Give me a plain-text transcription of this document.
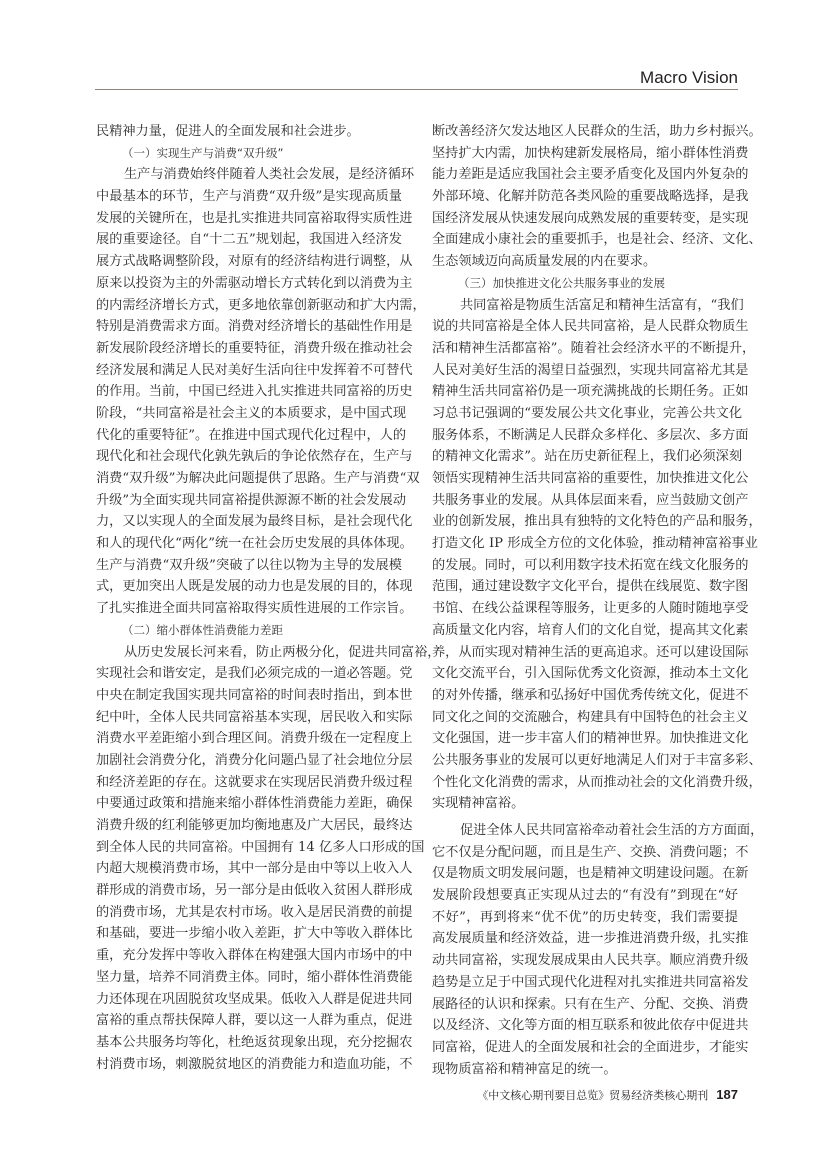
Macro Vision
民精神力量，促进人的全面发展和社会进步。
（一）实现生产与消费“双升级”
生产与消费始终伴随着人类社会发展，是经济循环
中最基本的环节，生产与消费“双升级”是实现高质量
发展的关键所在，也是扎实推进共同富裕取得实质性进
展的重要途径。自“十二五”规划起，我国进入经济发
展方式战略调整阶段，对原有的经济结构进行调整，从
原来以投资为主的外需驱动增长方式转化到以消费为主
的内需经济增长方式，更多地依靠创新驱动和扩大内需，
特别是消费需求方面。消费对经济增长的基础性作用是
新发展阶段经济增长的重要特征，消费升级在推动社会
经济发展和满足人民对美好生活向往中发挥着不可替代
的作用。当前，中国已经进入扎实推进共同富裕的历史
阶段，“共同富裕是社会主义的本质要求，是中国式现
代化的重要特征”。在推进中国式现代化过程中，人的
现代化和社会现代化孰先孰后的争论依然存在，生产与
消费“双升级”为解决此问题提供了思路。生产与消费“双
升级”为全面实现共同富裕提供源源不断的社会发展动
力，又以实现人的全面发展为最终目标，是社会现代化
和人的现代化“两化”统一在社会历史发展的具体体现。
生产与消费“双升级”突破了以往以物为主导的发展模
式，更加突出人既是发展的动力也是发展的目的，体现
了扎实推进全面共同富裕取得实质性进展的工作宗旨。
（二）缩小群体性消费能力差距
从历史发展长河来看，防止两极分化，促进共同富裕，
实现社会和谐安定，是我们必须完成的一道必答题。党
中央在制定我国实现共同富裕的时间表时指出，到本世
纪中叶，全体人民共同富裕基本实现，居民收入和实际
消费水平差距缩小到合理区间。消费升级在一定程度上
加剧社会消费分化，消费分化问题凸显了社会地位分层
和经济差距的存在。这就要求在实现居民消费升级过程
中要通过政策和措施来缩小群体性消费能力差距，确保
消费升级的红利能够更加均衡地惠及广大居民，最终达
到全体人民的共同富裕。中国拥有 14 亿多人口形成的国
内超大规模消费市场，其中一部分是由中等以上收入人
群形成的消费市场，另一部分是由低收入贫困人群形成
的消费市场，尤其是农村市场。收入是居民消费的前提
和基础，要进一步缩小收入差距，扩大中等收入群体比
重，充分发挥中等收入群体在构建强大国内市场中的中
坚力量，培养不同消费主体。同时，缩小群体性消费能
力还体现在巩固脱贫攻坚成果。低收入人群是促进共同
富裕的重点帮扶保障人群，要以这一人群为重点，促进
基本公共服务均等化，杜绝返贫现象出现，充分挖掘农
村消费市场，刺激脱贫地区的消费能力和造血功能，不
断改善经济欠发达地区人民群众的生活，助力乡村振兴。
坚持扩大内需，加快构建新发展格局，缩小群体性消费
能力差距是适应我国社会主要矛盾变化及国内外复杂的
外部环境、化解并防范各类风险的重要战略选择，是我
国经济发展从快速发展向成熟发展的重要转变，是实现
全面建成小康社会的重要抓手，也是社会、经济、文化、
生态领域迈向高质量发展的内在要求。
（三）加快推进文化公共服务事业的发展
共同富裕是物质生活富足和精神生活富有，“我们
说的共同富裕是全体人民共同富裕，是人民群众物质生
活和精神生活都富裕”。随着社会经济水平的不断提升，
人民对美好生活的渴望日益强烈，实现共同富裕尤其是
精神生活共同富裕仍是一项充满挑战的长期任务。正如
习总书记强调的“要发展公共文化事业，完善公共文化
服务体系，不断满足人民群众多样化、多层次、多方面
的精神文化需求”。站在历史新征程上，我们必须深刻
领悟实现精神生活共同富裕的重要性，加快推进文化公
共服务事业的发展。从具体层面来看，应当鼓励文创产
业的创新发展，推出具有独特的文化特色的产品和服务，
打造文化 IP 形成全方位的文化体验，推动精神富裕事业
的发展。同时，可以利用数字技术拓宽在线文化服务的
范围，通过建设数字文化平台，提供在线展览、数字图
书馆、在线公益课程等服务，让更多的人随时随地享受
高质量文化内容，培育人们的文化自觉，提高其文化素
养，从而实现对精神生活的更高追求。还可以建设国际
文化交流平台，引入国际优秀文化资源，推动本土文化
的对外传播，继承和弘扬好中国优秀传统文化，促进不
同文化之间的交流融合，构建具有中国特色的社会主义
文化强国，进一步丰富人们的精神世界。加快推进文化
公共服务事业的发展可以更好地满足人们对于丰富多彩、
个性化文化消费的需求，从而推动社会的文化消费升级，
实现精神富裕。
促进全体人民共同富裕牵动着社会生活的方方面面，
它不仅是分配问题，而且是生产、交换、消费问题；不
仅是物质文明发展问题，也是精神文明建设问题。在新
发展阶段想要真正实现从过去的“有没有”到现在“好
不好”，再到将来“优不优”的历史转变，我们需要提
高发展质量和经济效益，进一步推进消费升级，扎实推
动共同富裕，实现发展成果由人民共享。顺应消费升级
趋势是立足于中国式现代化进程对扎实推进共同富裕发
展路径的认识和探索。只有在生产、分配、交换、消费
以及经济、文化等方面的相互联系和彼此依存中促进共
同富裕，促进人的全面发展和社会的全面进步，才能实
现物质富裕和精神富足的统一。
《中文核心期刊要目总览》贸易经济类核心期刊 187
